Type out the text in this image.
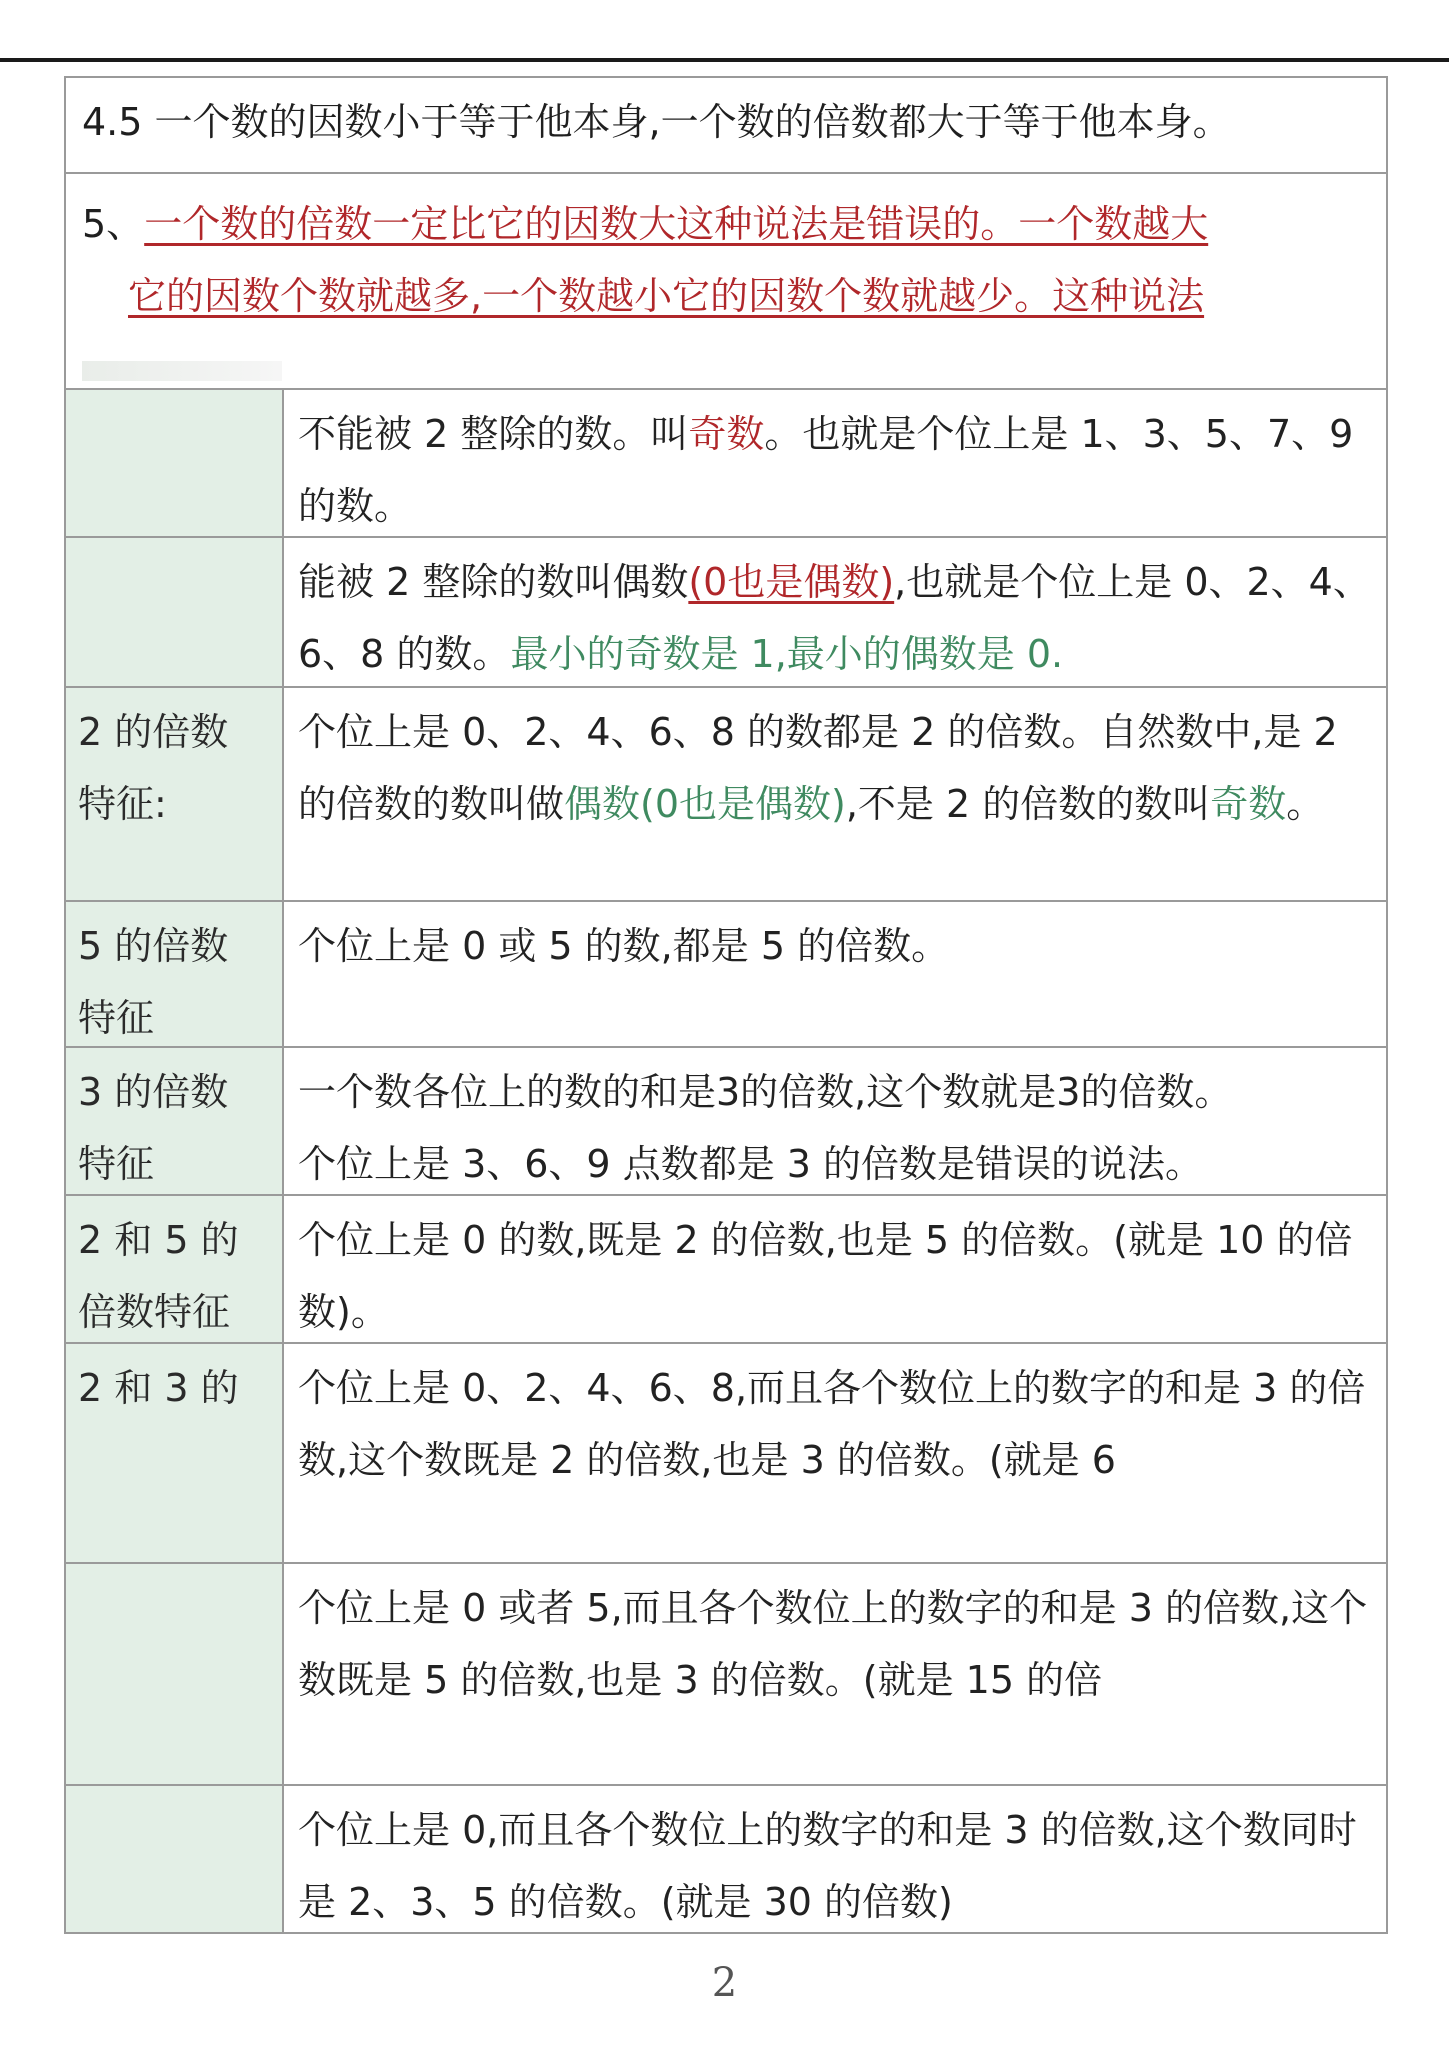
4.5 一个数的因数小于等于他本身,一个数的倍数都大于等于他本身。
5、一个数的倍数一定比它的因数大这种说法是错误的。一个数越大
它的因数个数就越多,一个数越小它的因数个数就越少。这种说法
不能被 2 整除的数。叫奇数。也就是个位上是 1、3、5、7、9的数。
能被 2 整除的数叫偶数(0也是偶数),也就是个位上是 0、2、4、6、8 的数。最小的奇数是 1,最小的偶数是 0.
2 的倍数
特征:
个位上是 0、2、4、6、8 的数都是 2 的倍数。自然数中,是 2 的倍数的数叫做偶数(0也是偶数),不是 2 的倍数的数叫奇数。
5 的倍数
特征
个位上是 0 或 5 的数,都是 5 的倍数。
3 的倍数
特征
一个数各位上的数的和是3的倍数,这个数就是3的倍数。
个位上是 3、6、9 点数都是 3 的倍数是错误的说法。
2 和 5 的
倍数特征
个位上是 0 的数,既是 2 的倍数,也是 5 的倍数。(就是 10 的倍数)。
2 和 3 的	个位上是 0、2、4、6、8,而且各个数位上的数字的和是 3 的倍数,这个数既是 2 的倍数,也是 3 的倍数。(就是 6
个位上是 0 或者 5,而且各个数位上的数字的和是 3 的倍数,这个数既是 5 的倍数,也是 3 的倍数。(就是 15 的倍
个位上是 0,而且各个数位上的数字的和是 3 的倍数,这个数同时是 2、3、5 的倍数。(就是 30 的倍数)
2
